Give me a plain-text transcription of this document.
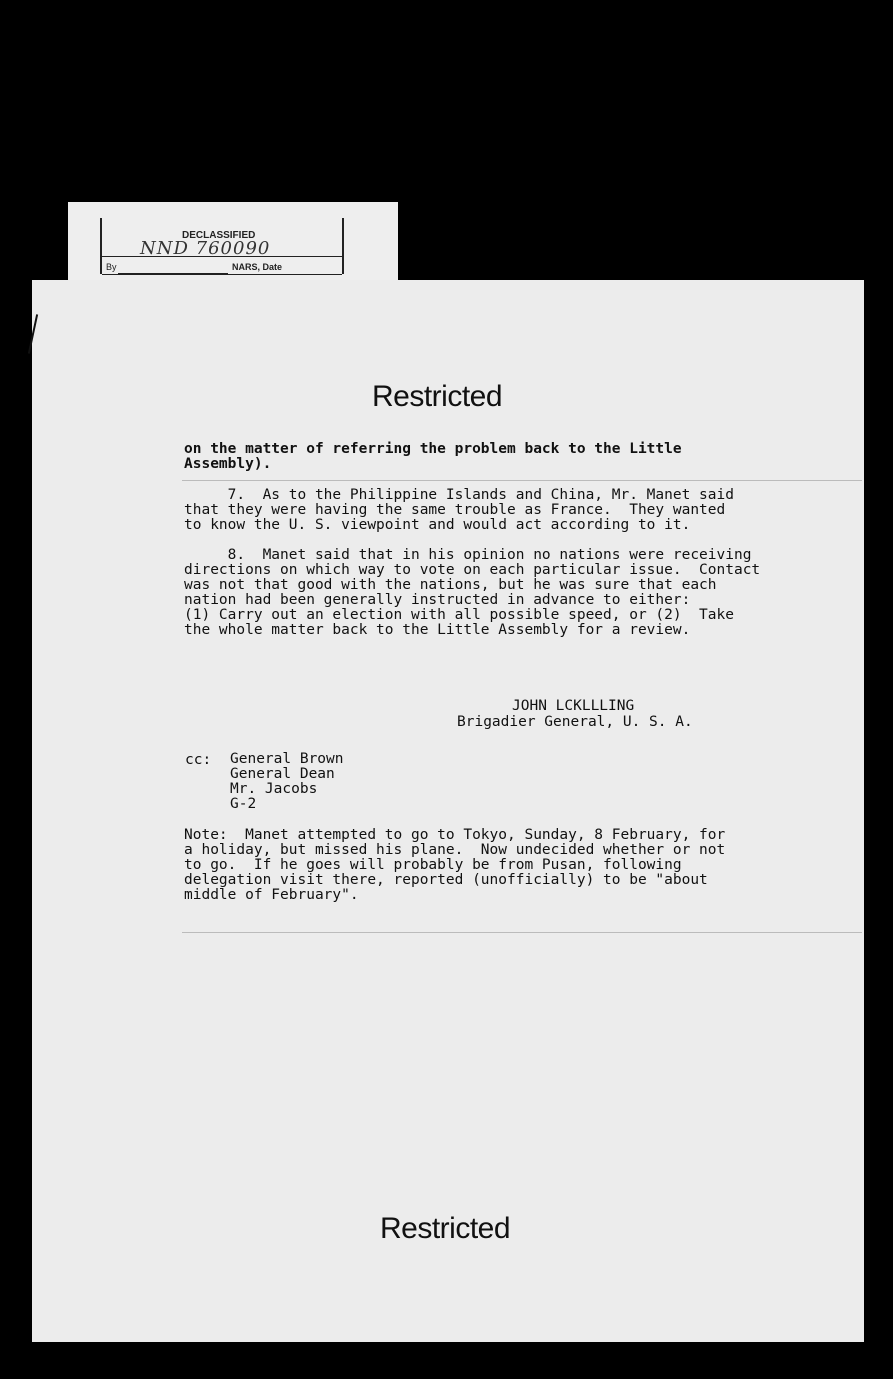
DECLASSIFIED
NND 760090
By	NARS, Date
Restricted
on the matter of referring the problem back to the Little
Assembly).
7.  As to the Philippine Islands and China, Mr. Manet said
that they were having the same trouble as France.  They wanted
to know the U. S. viewpoint and would act according to it.
8.  Manet said that in his opinion no nations were receiving
directions on which way to vote on each particular issue.  Contact
was not that good with the nations, but he was sure that each
nation had been generally instructed in advance to either:
(1) Carry out an election with all possible speed, or (2)  Take
the whole matter back to the Little Assembly for a review.
JOHN LCKLLLING
Brigadier General, U. S. A.
cc: General Brown
General Dean
Mr. Jacobs
G-2
Note:  Manet attempted to go to Tokyo, Sunday, 8 February, for
a holiday, but missed his plane.  Now undecided whether or not
to go.  If he goes will probably be from Pusan, following
delegation visit there, reported (unofficially) to be "about
middle of February".
Restricted
